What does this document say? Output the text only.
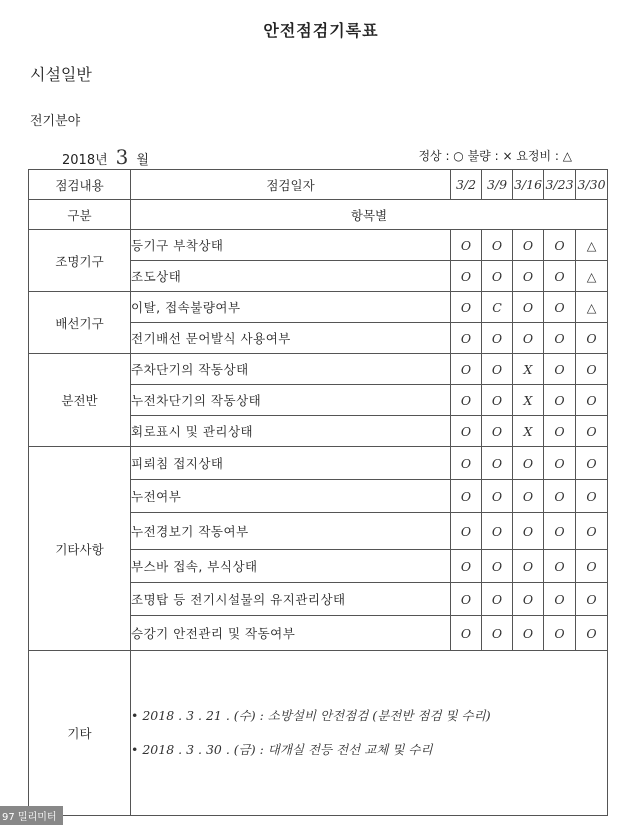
안전점검기록표
시설일반
전기분야
2018년 3 월	정상 : ○ 불량 : × 요정비 : △
점검내용	점검일자	3/2	3/9	3/16	3/23	3/30
구분	항목별					
조명기구	등기구 부착상태	O	O	O	O	△
	조도상태	O	O	O	O	△
배선기구	이탈, 접속불량여부	O	C	O	O	△
	전기배선 문어발식 사용여부	O	O	O	O	O
분전반	주차단기의 작동상태	O	O	X	O	O
	누전차단기의 작동상태	O	O	X	O	O
	회로표시 및 관리상태	O	O	X	O	O
기타사항	피뢰침 접지상태	O	O	O	O	O
	누전여부	O	O	O	O	O
	누전경보기 작동여부	O	O	O	O	O
	부스바 접속, 부식상태	O	O	O	O	O
	조명탑 등 전기시설물의 유지관리상태	O	O	O	O	O
	승강기 안전관리 및 작동여부	O	O	O	O	O
기타	• 2018 . 3 . 21 . (수) : 소방설비 안전점검 (분전반 점검 및 수리)
• 2018 . 3 . 30 . (금) : 대개실 전등 전선 교체 및 수리					
97 밀리미터
